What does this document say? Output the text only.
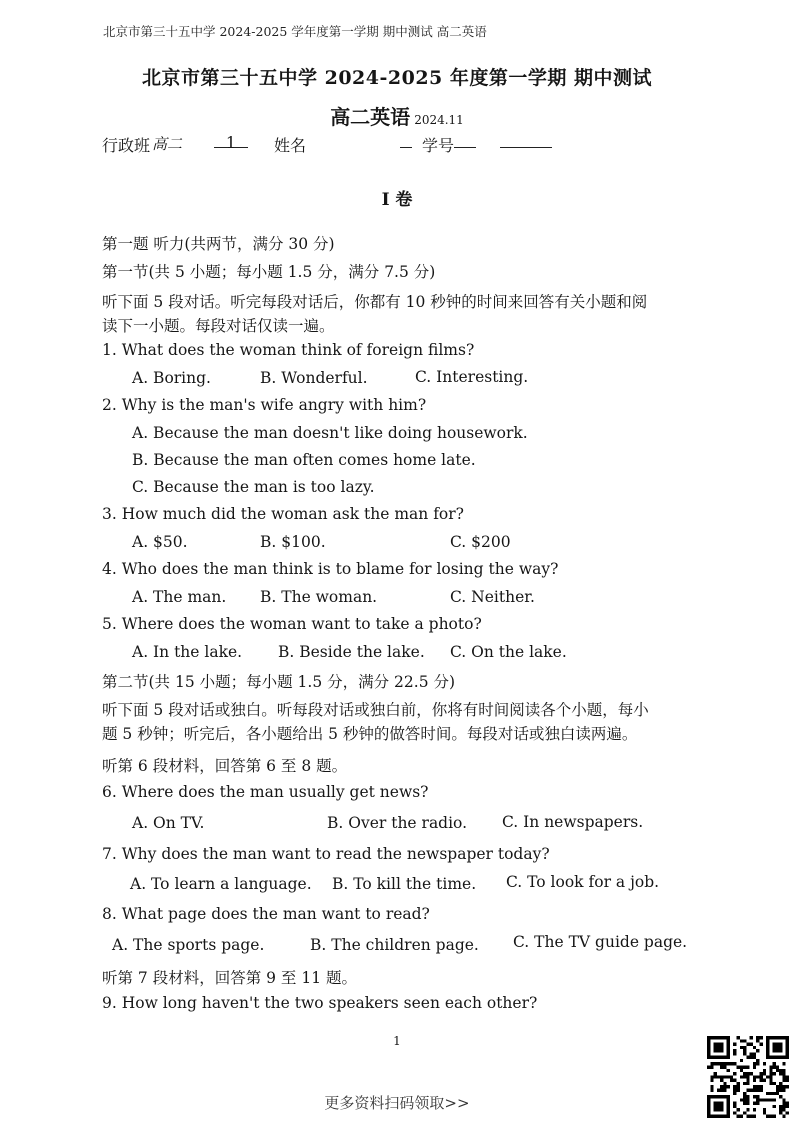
北京市第三十五中学 2024-2025 学年度第一学期 期中测试 高二英语
北京市第三十五中学 2024-2025 年度第一学期 期中测试
高二英语 2024.11
行政班 高二	1	姓名	学号
I 卷
第一题 听力(共两节，满分 30 分)
第一节(共 5 小题；每小题 1.5 分，满分 7.5 分)
听下面 5 段对话。听完每段对话后，你都有 10 秒钟的时间来回答有关小题和阅
读下一小题。每段对话仅读一遍。
1. What does the woman think of foreign films?
A. Boring.	B. Wonderful.	C. Interesting.
2. Why is the man's wife angry with him?
A. Because the man doesn't like doing housework.
B. Because the man often comes home late.
C. Because the man is too lazy.
3. How much did the woman ask the man for?
A. $50.	B. $100.	C. $200
4. Who does the man think is to blame for losing the way?
A. The man. B. The woman.	C. Neither.
5. Where does the woman want to take a photo?
A. In the lake. B. Beside the lake. C. On the lake.
第二节(共 15 小题；每小题 1.5 分，满分 22.5 分)
听下面 5 段对话或独白。听每段对话或独白前，你将有时间阅读各个小题，每小
题 5 秒钟；听完后，各小题给出 5 秒钟的做答时间。每段对话或独白读两遍。
听第 6 段材料，回答第 6 至 8 题。
6. Where does the man usually get news?
A. On TV.	B. Over the radio. C. In newspapers.
7. Why does the man want to read the newspaper today?
A. To learn a language. B. To kill the time. C. To look for a job.
8. What page does the man want to read?
A. The sports page.	B. The children page. C. The TV guide page.
听第 7 段材料，回答第 9 至 11 题。
9. How long haven't the two speakers seen each other?
1
更多资料扫码领取>>
